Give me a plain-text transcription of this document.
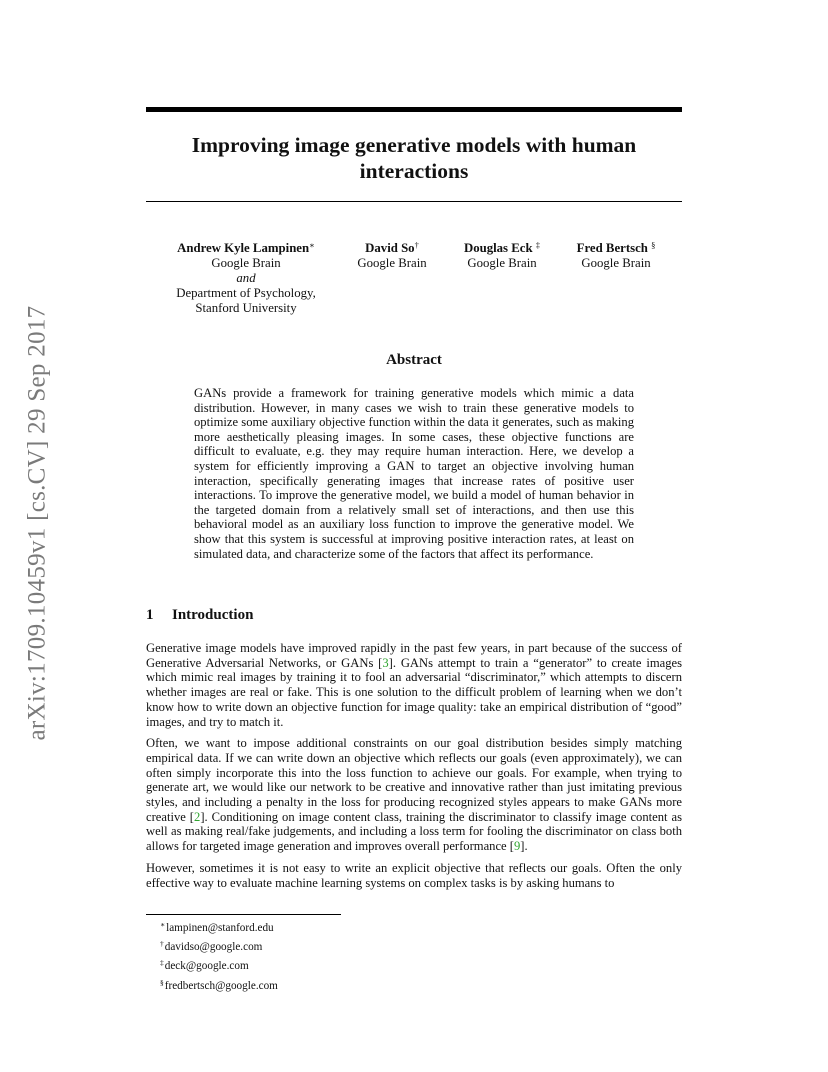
arXiv:1709.10459v1 [cs.CV] 29 Sep 2017
Improving image generative models with human
interactions
Andrew Kyle Lampinen∗
Google Brain
and
Department of Psychology,
Stanford University
David So†
Google Brain
Douglas Eck ‡
Google Brain
Fred Bertsch §
Google Brain
Abstract

GANs provide a framework for training generative models which mimic a data distribution. However, in many cases we wish to train these generative models to optimize some auxiliary objective function within the data it generates, such as making more aesthetically pleasing images. In some cases, these objective functions are difficult to evaluate, e.g. they may require human interaction. Here, we develop a system for efficiently improving a GAN to target an objective involving human interaction, specifically generating images that increase rates of positive user interactions. To improve the generative model, we build a model of human behavior in the targeted domain from a relatively small set of interactions, and then use this behavioral model as an auxiliary loss function to improve the generative model. We show that this system is successful at improving positive interaction rates, at least on simulated data, and characterize some of the factors that affect its performance.

1 Introduction

Generative image models have improved rapidly in the past few years, in part because of the success of Generative Adversarial Networks, or GANs [3]. GANs attempt to train a “generator” to create images which mimic real images by training it to fool an adversarial “discriminator,” which attempts to discern whether images are real or fake. This is one solution to the difficult problem of learning when we don’t know how to write down an objective function for image quality: take an empirical distribution of “good” images, and try to match it.

Often, we want to impose additional constraints on our goal distribution besides simply matching empirical data. If we can write down an objective which reflects our goals (even approximately), we can often simply incorporate this into the loss function to achieve our goals. For example, when trying to generate art, we would like our network to be creative and innovative rather than just imitating previous styles, and including a penalty in the loss for producing recognized styles appears to make GANs more creative [2]. Conditioning on image content class, training the discriminator to classify image content as well as making real/fake judgements, and including a loss term for fooling the discriminator on class both allows for targeted image generation and improves overall performance [9].

However, sometimes it is not easy to write an explicit objective that reflects our goals. Often the only effective way to evaluate machine learning systems on complex tasks is by asking humans to

∗lampinen@stanford.edu
†davidso@google.com
‡deck@google.com
§fredbertsch@google.com
